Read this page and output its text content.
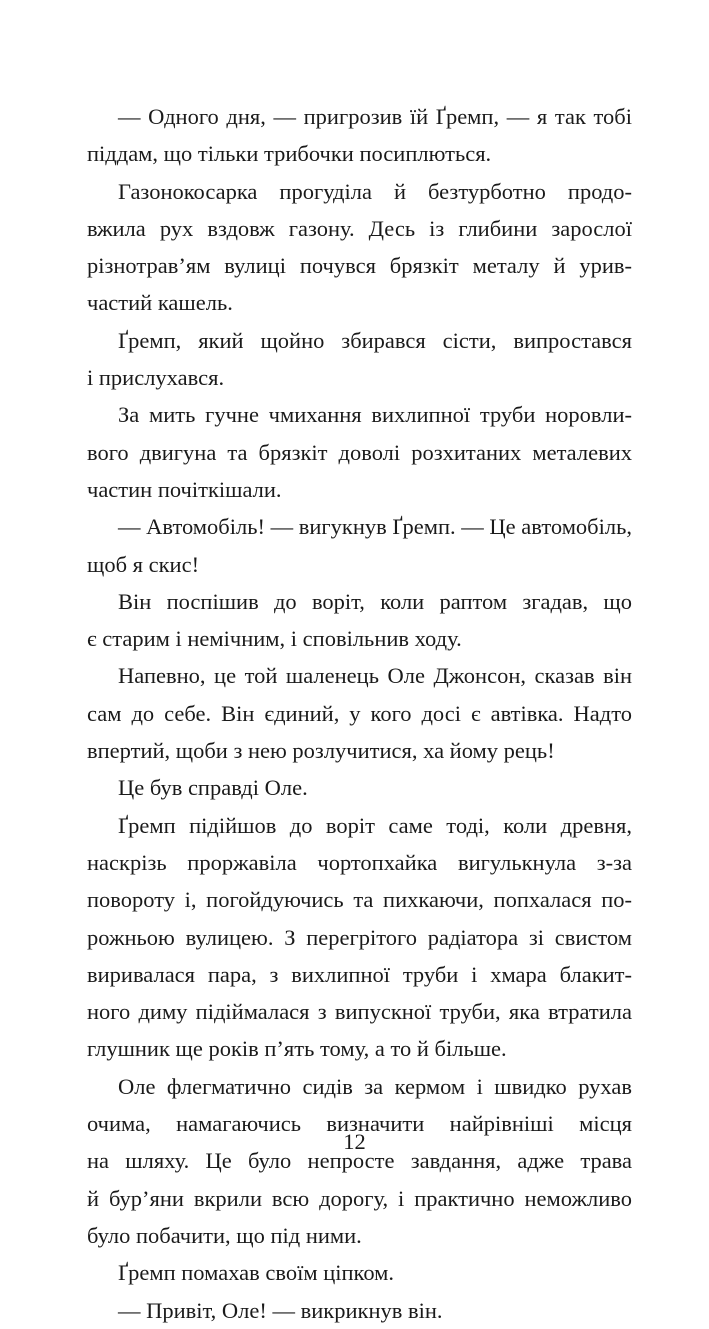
— Одного дня, — пригрозив їй Ґремп, — я так тобі
піддам, що тільки трибочки посиплються.
Газонокосарка прогуділа й безтурботно продо-
вжила рух вздовж газону. Десь із глибини зарослої
різнотрав’ям вулиці почувся брязкіт металу й урив-
частий кашель.
Ґремп, який щойно збирався сісти, випростався
і прислухався.
За мить гучне чмихання вихлипної труби норовли-
вого двигуна та брязкіт доволі розхитаних металевих
частин почіткішали.
— Автомобіль! — вигукнув Ґремп. — Це автомобіль,
щоб я скис!
Він поспішив до воріт, коли раптом згадав, що
є старим і немічним, і сповільнив ходу.
Напевно, це той шаленець Оле Джонсон, сказав він
сам до себе. Він єдиний, у кого досі є автівка. Надто
впертий, щоби з нею розлучитися, ха йому рець!
Це був справді Оле.
Ґремп підійшов до воріт саме тоді, коли древня,
наскрізь проржавіла чортопхайка вигулькнула з-за
повороту і, погойдуючись та пихкаючи, попхалася по-
рожньою вулицею. З перегрітого радіатора зі свистом
виривалася пара, з вихлипної труби і хмара блакит-
ного диму підіймалася з випускної труби, яка втратила
глушник ще років п’ять тому, а то й більше.
Оле флегматично сидів за кермом і швидко рухав
очима, намагаючись визначити найрівніші місця
на шляху. Це було непросте завдання, адже трава
й бур’яни вкрили всю дорогу, і практично неможливо
було побачити, що під ними.
Ґремп помахав своїм ціпком.
— Привіт, Оле! — викрикнув він.
12
